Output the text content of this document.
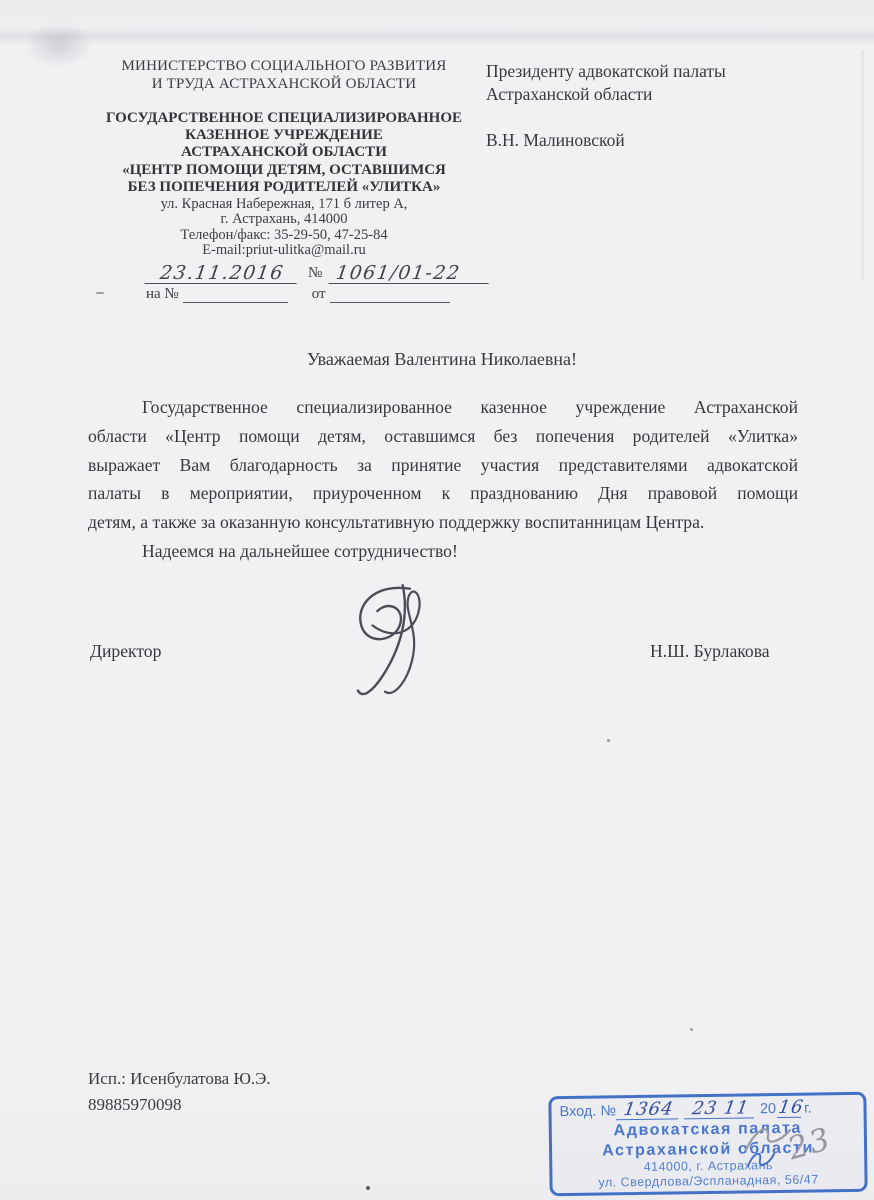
МИНИСТЕРСТВО СОЦИАЛЬНОГО РАЗВИТИЯ
И ТРУДА АСТРАХАНСКОЙ ОБЛАСТИ
ГОСУДАРСТВЕННОЕ СПЕЦИАЛИЗИРОВАННОЕ
КАЗЕННОЕ УЧРЕЖДЕНИЕ
АСТРАХАНСКОЙ ОБЛАСТИ
«ЦЕНТР ПОМОЩИ ДЕТЯМ, ОСТАВШИМСЯ
БЕЗ ПОПЕЧЕНИЯ РОДИТЕЛЕЙ «УЛИТКА»
ул. Красная Набережная, 171 б литер А,
г. Астрахань, 414000
Телефон/факс: 35-29-50, 47-25-84
E-mail:priut-ulitka@mail.ru
23.11.2016	№ 1061/01-22
на №	от
Президенту адвокатской палаты
Астраханской области
В.Н. Малиновской
Уважаемая Валентина Николаевна!
Государственное специализированное казенное учреждение Астраханской
области «Центр помощи детям, оставшимся без попечения родителей «Улитка»
выражает Вам благодарность за принятие участия представителями адвокатской
палаты в мероприятии, приуроченном к празднованию Дня правовой помощи
детям, а также за оказанную консультативную поддержку воспитанницам Центра.
Надеемся на дальнейшее сотрудничество!
Директор	Н.Ш. Бурлакова
Исп.: Исенбулатова Ю.Э.
89885970098	Вход. № 1364 23 11 20 16 г.
Адвокатская палата
Астраханской области
414000, г. Астрахань
ул. Свердлова/Эспланадная, 56/47
23
